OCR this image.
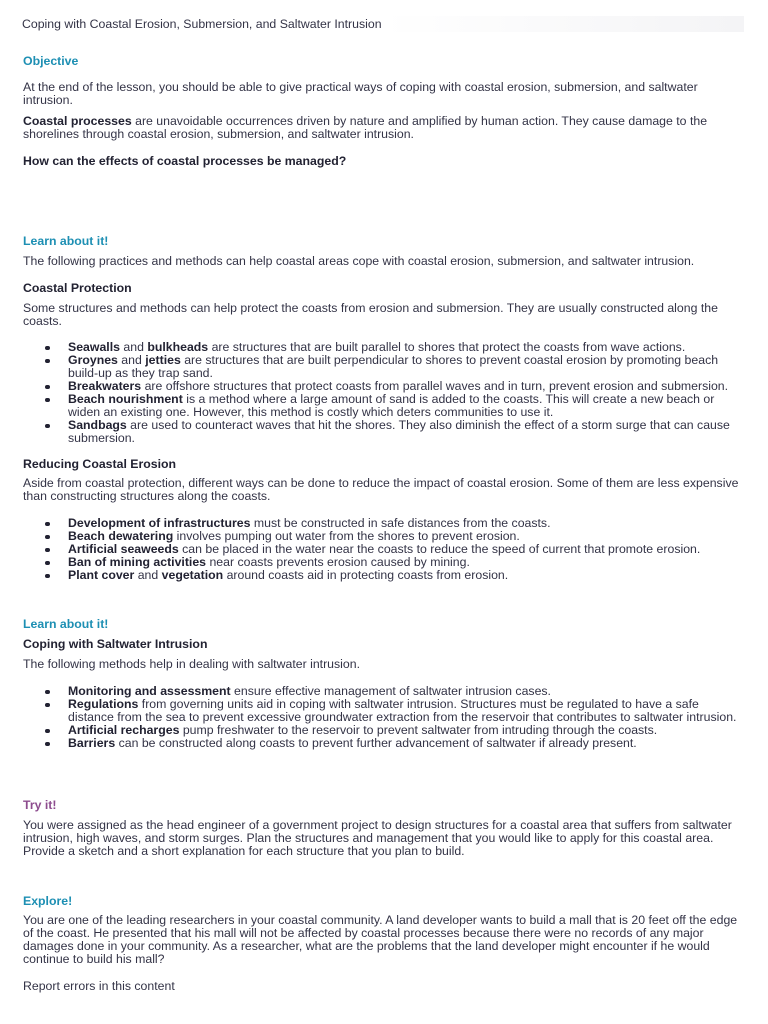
Coping with Coastal Erosion, Submersion, and Saltwater Intrusion
Objective

At the end of the lesson, you should be able to give practical ways of coping with coastal erosion, submersion, and saltwater intrusion.

Coastal processes are unavoidable occurrences driven by nature and amplified by human action. They cause damage to the shorelines through coastal erosion, submersion, and saltwater intrusion.

How can the effects of coastal processes be managed?

Learn about it!

The following practices and methods can help coastal areas cope with coastal erosion, submersion, and saltwater intrusion.

Coastal Protection

Some structures and methods can help protect the coasts from erosion and submersion. They are usually constructed along the coasts.

Seawalls and bulkheads are structures that are built parallel to shores that protect the coasts from wave actions.
Groynes and jetties are structures that are built perpendicular to shores to prevent coastal erosion by promoting beach build-up as they trap sand.
Breakwaters are offshore structures that protect coasts from parallel waves and in turn, prevent erosion and submersion.
Beach nourishment is a method where a large amount of sand is added to the coasts. This will create a new beach or widen an existing one. However, this method is costly which deters communities to use it.
Sandbags are used to counteract waves that hit the shores. They also diminish the effect of a storm surge that can cause submersion.
Reducing Coastal Erosion

Aside from coastal protection, different ways can be done to reduce the impact of coastal erosion. Some of them are less expensive than constructing structures along the coasts.

Development of infrastructures must be constructed in safe distances from the coasts.
Beach dewatering involves pumping out water from the shores to prevent erosion.
Artificial seaweeds can be placed in the water near the coasts to reduce the speed of current that promote erosion.
Ban of mining activities near coasts prevents erosion caused by mining.
Plant cover and vegetation around coasts aid in protecting coasts from erosion.
Learn about it!
Coping with Saltwater Intrusion

The following methods help in dealing with saltwater intrusion.

Monitoring and assessment ensure effective management of saltwater intrusion cases.
Regulations from governing units aid in coping with saltwater intrusion. Structures must be regulated to have a safe distance from the sea to prevent excessive groundwater extraction from the reservoir that contributes to saltwater intrusion.
Artificial recharges pump freshwater to the reservoir to prevent saltwater from intruding through the coasts.
Barriers can be constructed along coasts to prevent further advancement of saltwater if already present.
Try it!

You were assigned as the head engineer of a government project to design structures for a coastal area that suffers from saltwater intrusion, high waves, and storm surges. Plan the structures and management that you would like to apply for this coastal area. Provide a sketch and a short explanation for each structure that you plan to build.

Explore!

You are one of the leading researchers in your coastal community. A land developer wants to build a mall that is 20 feet off the edge of the coast. He presented that his mall will not be affected by coastal processes because there were no records of any major damages done in your community. As a researcher, what are the problems that the land developer might encounter if he would continue to build his mall?

Report errors in this content
